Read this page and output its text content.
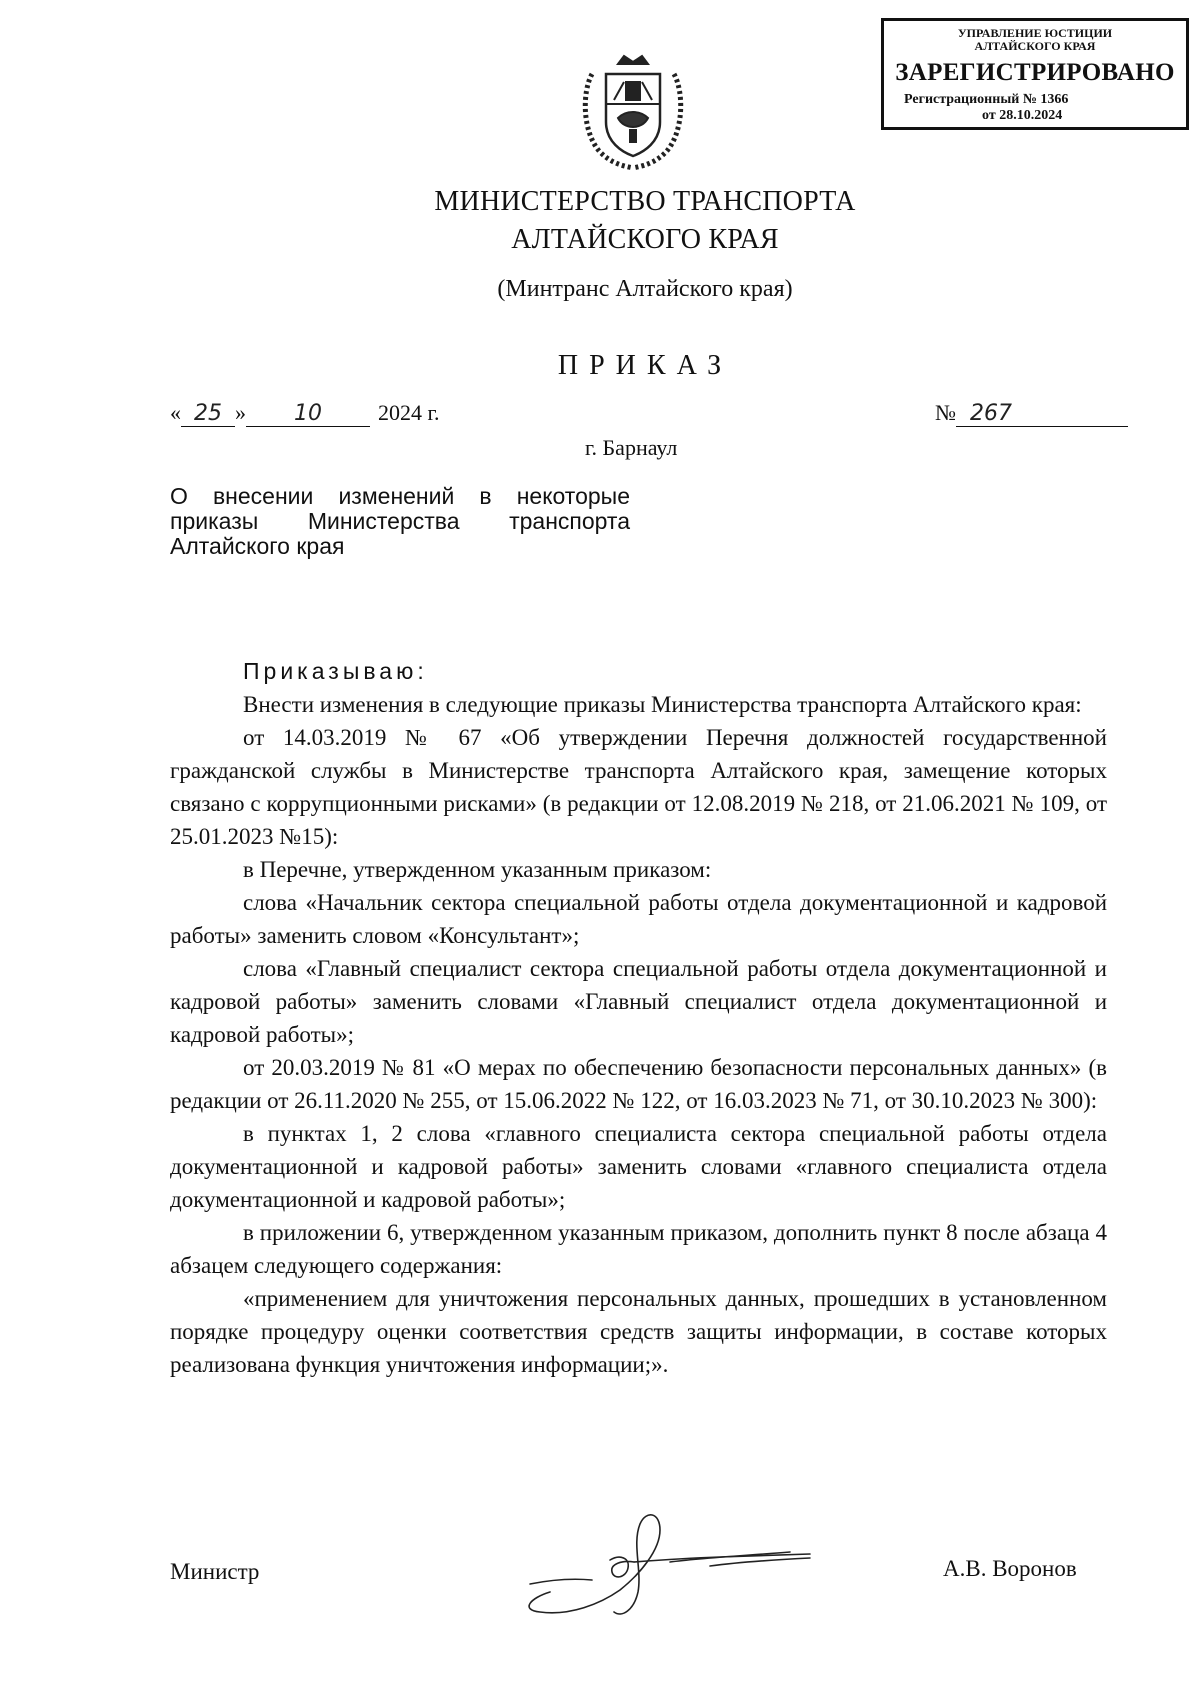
УПРАВЛЕНИЕ ЮСТИЦИИ
АЛТАЙСКОГО КРАЯ
ЗАРЕГИСТРИРОВАНО
Регистрационный № 1366
от 28.10.2024
МИНИСТЕРСТВО ТРАНСПОРТА
АЛТАЙСКОГО КРАЯ
(Минтранс Алтайского края)
ПРИКАЗ
« 25 » 10	2024 г.	№ 267
г. Барнаул
О внесении изменений в некоторые
приказы Министерства транспорта
Алтайского края

Приказываю:

Внести изменения в следующие приказы Министерства транспорта Алтайского края:

от 14.03.2019 № 67 «Об утверждении Перечня должностей государственной гражданской службы в Министерстве транспорта Алтайского края, замещение которых связано с коррупционными рисками» (в редакции от 12.08.2019 № 218, от 21.06.2021 № 109, от 25.01.2023 №15):

в Перечне, утвержденном указанным приказом:

слова «Начальник сектора специальной работы отдела документационной и кадровой работы» заменить словом «Консультант»;

слова «Главный специалист сектора специальной работы отдела документационной и кадровой работы» заменить словами «Главный специалист отдела документационной и кадровой работы»;

от 20.03.2019 № 81 «О мерах по обеспечению безопасности персональных данных» (в редакции от 26.11.2020 № 255, от 15.06.2022 № 122, от 16.03.2023 № 71, от 30.10.2023 № 300):

в пунктах 1, 2 слова «главного специалиста сектора специальной работы отдела документационной и кадровой работы» заменить словами «главного специалиста отдела документационной и кадровой работы»;

в приложении 6, утвержденном указанным приказом, дополнить пункт 8 после абзаца 4 абзацем следующего содержания:

«применением для уничтожения персональных данных, прошедших в установленном порядке процедуру оценки соответствия средств защиты информации, в составе которых реализована функция уничтожения информации;».

Министр	А.В. Воронов
